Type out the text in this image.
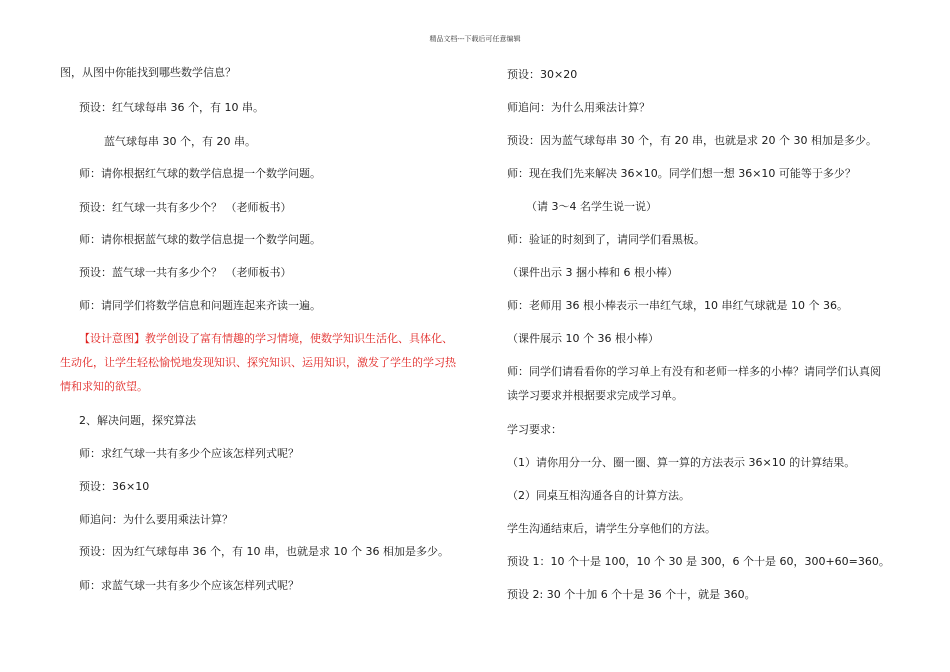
精品文档---下载后可任意编辑
图，从图中你能找到哪些数学信息？
预设：红气球每串 36 个，有 10 串。
蓝气球每串 30 个，有 20 串。
师：请你根据红气球的数学信息提一个数学问题。
预设：红气球一共有多少个？ （老师板书）
师：请你根据蓝气球的数学信息提一个数学问题。
预设：蓝气球一共有多少个？ （老师板书）
师：请同学们将数学信息和问题连起来齐读一遍。
【设计意图】教学创设了富有情趣的学习情境，使数学知识生活化、具体化、
生动化，让学生轻松愉悦地发现知识、探究知识、运用知识，激发了学生的学习热
情和求知的欲望。
2、解决问题，探究算法
师：求红气球一共有多少个应该怎样列式呢？
预设：36×10
师追问：为什么要用乘法计算？
预设：因为红气球每串 36 个，有 10 串，也就是求 10 个 36 相加是多少。
师：求蓝气球一共有多少个应该怎样列式呢？
预设：30×20
师追问：为什么用乘法计算？
预设：因为蓝气球每串 30 个，有 20 串，也就是求 20 个 30 相加是多少。
师：现在我们先来解决 36×10。同学们想一想 36×10 可能等于多少？
（请 3～4 名学生说一说）
师：验证的时刻到了，请同学们看黑板。
（课件出示 3 捆小棒和 6 根小棒）
师：老师用 36 根小棒表示一串红气球，10 串红气球就是 10 个 36。
（课件展示 10 个 36 根小棒）
师：同学们请看看你的学习单上有没有和老师一样多的小棒？请同学们认真阅
读学习要求并根据要求完成学习单。
学习要求：
（1）请你用分一分、圈一圈、算一算的方法表示 36×10 的计算结果。
（2）同桌互相沟通各自的计算方法。
学生沟通结束后，请学生分享他们的方法。
预设 1：10 个十是 100，10 个 30 是 300，6 个十是 60，300+60=360。
预设 2: 30 个十加 6 个十是 36 个十，就是 360。
